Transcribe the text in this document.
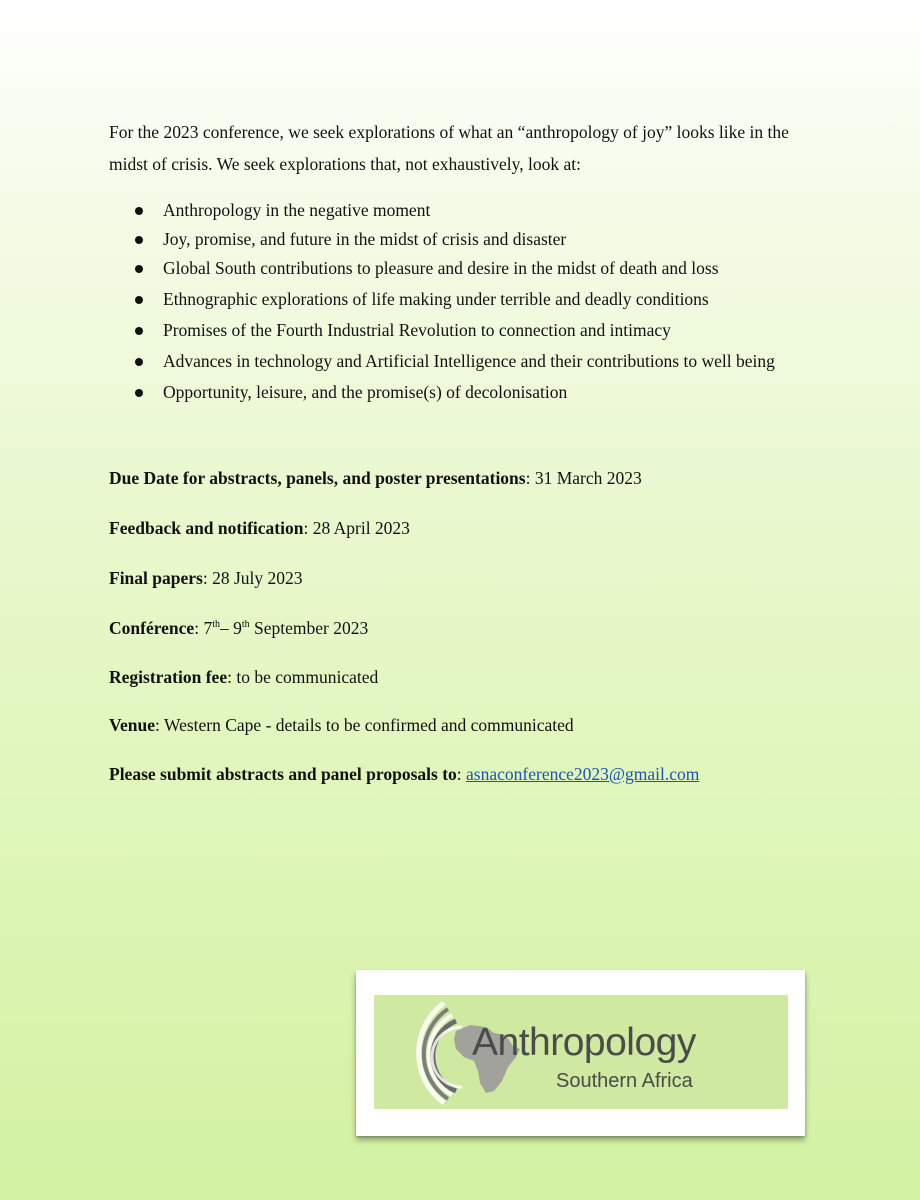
For the 2023 conference, we seek explorations of what an “anthropology of joy” looks like in the midst of crisis. We seek explorations that, not exhaustively, look at:

Anthropology in the negative moment
Joy, promise, and future in the midst of crisis and disaster
Global South contributions to pleasure and desire in the midst of death and loss
Ethnographic explorations of life making under terrible and deadly conditions
Promises of the Fourth Industrial Revolution to connection and intimacy
Advances in technology and Artificial Intelligence and their contributions to well being
Opportunity, leisure, and the promise(s) of decolonisation

Due Date for abstracts, panels, and poster presentations: 31 March 2023

Feedback and notification: 28 April 2023

Final papers: 28 July 2023

Conférence: 7th– 9th September 2023

Registration fee: to be communicated

Venue: Western Cape - details to be confirmed and communicated

Please submit abstracts and panel proposals to: asnaconference2023@gmail.com

Anthropology
Southern Africa
